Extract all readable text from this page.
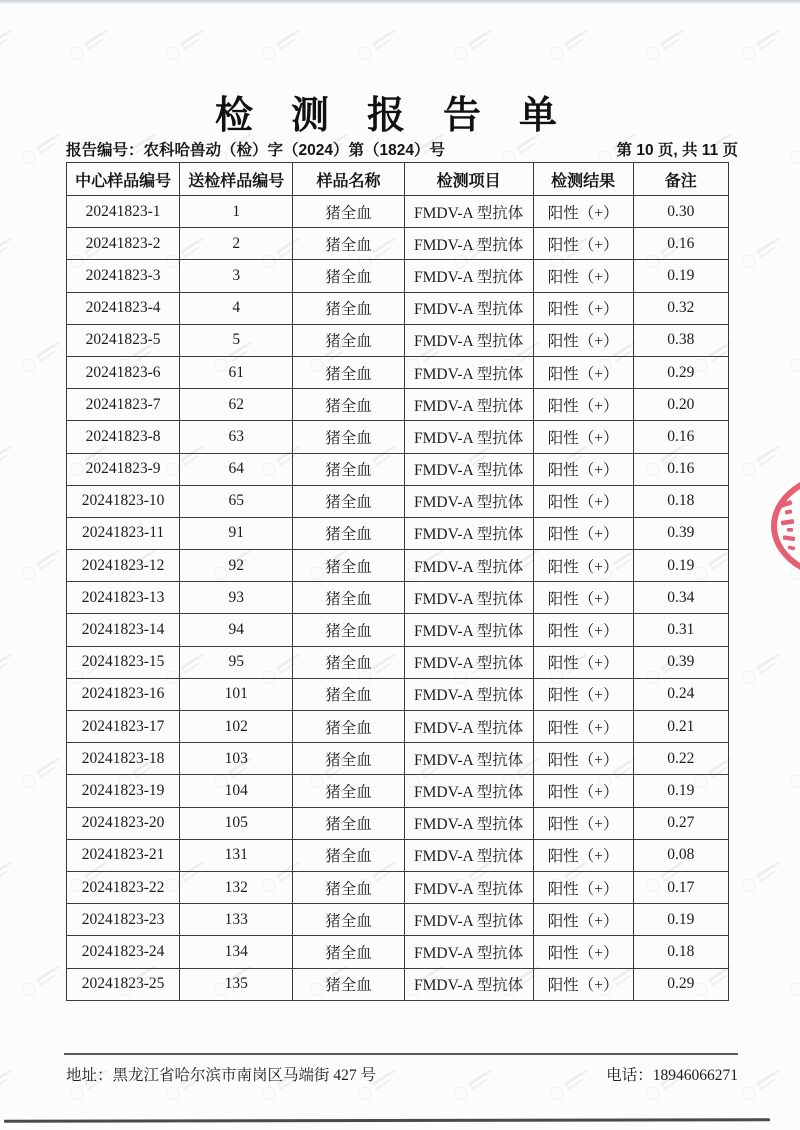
检测报告单
报告编号：农科哈兽动（检）字（2024）第（1824）号	第 10 页, 共 11 页
中心样品编号	送检样品编号	样品名称	检测项目	检测结果	备注
20241823-1	1	猪全血	FMDV-A 型抗体	阳性（+）	0.30
20241823-2	2	猪全血	FMDV-A 型抗体	阳性（+）	0.16
20241823-3	3	猪全血	FMDV-A 型抗体	阳性（+）	0.19
20241823-4	4	猪全血	FMDV-A 型抗体	阳性（+）	0.32
20241823-5	5	猪全血	FMDV-A 型抗体	阳性（+）	0.38
20241823-6	61	猪全血	FMDV-A 型抗体	阳性（+）	0.29
20241823-7	62	猪全血	FMDV-A 型抗体	阳性（+）	0.20
20241823-8	63	猪全血	FMDV-A 型抗体	阳性（+）	0.16
20241823-9	64	猪全血	FMDV-A 型抗体	阳性（+）	0.16
20241823-10	65	猪全血	FMDV-A 型抗体	阳性（+）	0.18
20241823-11	91	猪全血	FMDV-A 型抗体	阳性（+）	0.39
20241823-12	92	猪全血	FMDV-A 型抗体	阳性（+）	0.19
20241823-13	93	猪全血	FMDV-A 型抗体	阳性（+）	0.34
20241823-14	94	猪全血	FMDV-A 型抗体	阳性（+）	0.31
20241823-15	95	猪全血	FMDV-A 型抗体	阳性（+）	0.39
20241823-16	101	猪全血	FMDV-A 型抗体	阳性（+）	0.24
20241823-17	102	猪全血	FMDV-A 型抗体	阳性（+）	0.21
20241823-18	103	猪全血	FMDV-A 型抗体	阳性（+）	0.22
20241823-19	104	猪全血	FMDV-A 型抗体	阳性（+）	0.19
20241823-20	105	猪全血	FMDV-A 型抗体	阳性（+）	0.27
20241823-21	131	猪全血	FMDV-A 型抗体	阳性（+）	0.08
20241823-22	132	猪全血	FMDV-A 型抗体	阳性（+）	0.17
20241823-23	133	猪全血	FMDV-A 型抗体	阳性（+）	0.19
20241823-24	134	猪全血	FMDV-A 型抗体	阳性（+）	0.18
20241823-25	135	猪全血	FMDV-A 型抗体	阳性（+）	0.29
地址：黑龙江省哈尔滨市南岗区马端街 427 号	电话：18946066271
